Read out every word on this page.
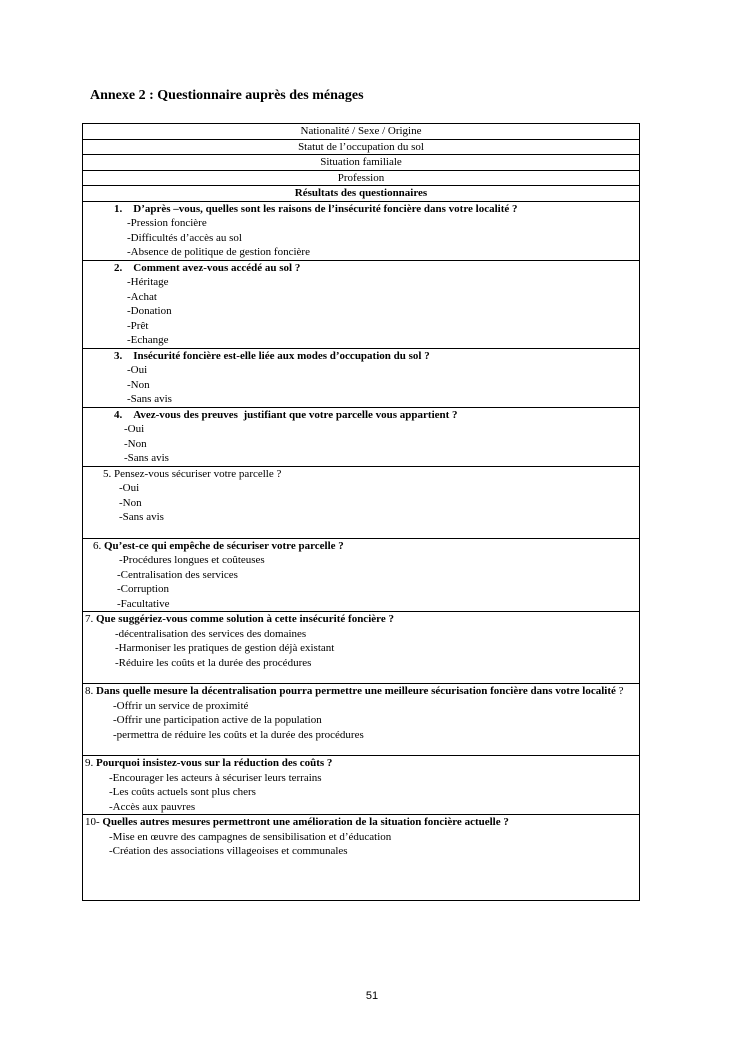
Annexe 2 : Questionnaire auprès des ménages
Nationalité / Sexe / Origine
Statut de l’occupation du sol
Situation familiale
Profession
Résultats des questionnaires

1. D’après –vous, quelles sont les raisons de l’insécurité foncière dans votre localité ?
-Pression foncière
-Difficultés d’accès au sol
-Absence de politique de gestion foncière

2. Comment avez-vous accédé au sol ?
-Héritage
-Achat
-Donation
-Prêt
-Echange

3. Insécurité foncière est-elle liée aux modes d’occupation du sol ?
-Oui
-Non
-Sans avis

4. Avez-vous des preuves  justifiant que votre parcelle vous appartient ?
-Oui
-Non
-Sans avis

5. Pensez-vous sécuriser votre parcelle ?
-Oui
-Non
-Sans avis

6. Qu’est-ce qui empêche de sécuriser votre parcelle ?
-Procédures longues et coûteuses
-Centralisation des services
-Corruption
-Facultative

7. Que suggériez-vous comme solution à cette insécurité foncière ?
-décentralisation des services des domaines
-Harmoniser les pratiques de gestion déjà existant
-Réduire les coûts et la durée des procédures

8. Dans quelle mesure la décentralisation pourra permettre une meilleure sécurisation foncière dans votre localité ?
-Offrir un service de proximité
-Offrir une participation active de la population
-permettra de réduire les coûts et la durée des procédures

9. Pourquoi insistez-vous sur la réduction des coûts ?
-Encourager les acteurs à sécuriser leurs terrains
-Les coûts actuels sont plus chers
-Accès aux pauvres

10- Quelles autres mesures permettront une amélioration de la situation foncière actuelle ?
-Mise en œuvre des campagnes de sensibilisation et d’éducation
-Création des associations villageoises et communales
51
